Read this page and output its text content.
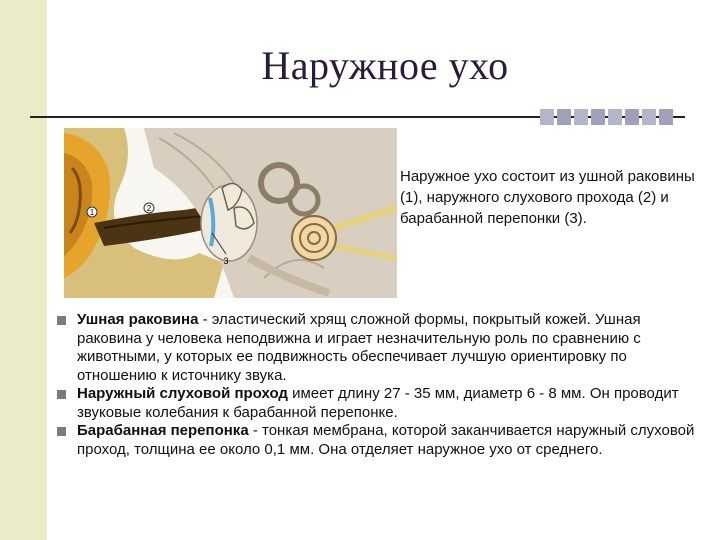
Наружное ухо
1	2
3
Наружное ухо состоит из ушной раковины (1), наружного слухового прохода (2) и барабанной перепонки (3).
Ушная раковина - эластический хрящ сложной формы, покрытый кожей. Ушная раковина у человека неподвижна и играет незначительную роль по сравнению с животными, у которых ее подвижность обеспечивает лучшую ориентировку по отношению к источнику звука.
Наружный слуховой проход имеет длину 27 - 35 мм, диаметр 6 - 8 мм. Он проводит звуковые колебания к барабанной перепонке.
Барабанная перепонка - тонкая мембрана, которой заканчивается наружный слуховой проход, толщина ее около 0,1 мм. Она отделяет наружное ухо от среднего.
